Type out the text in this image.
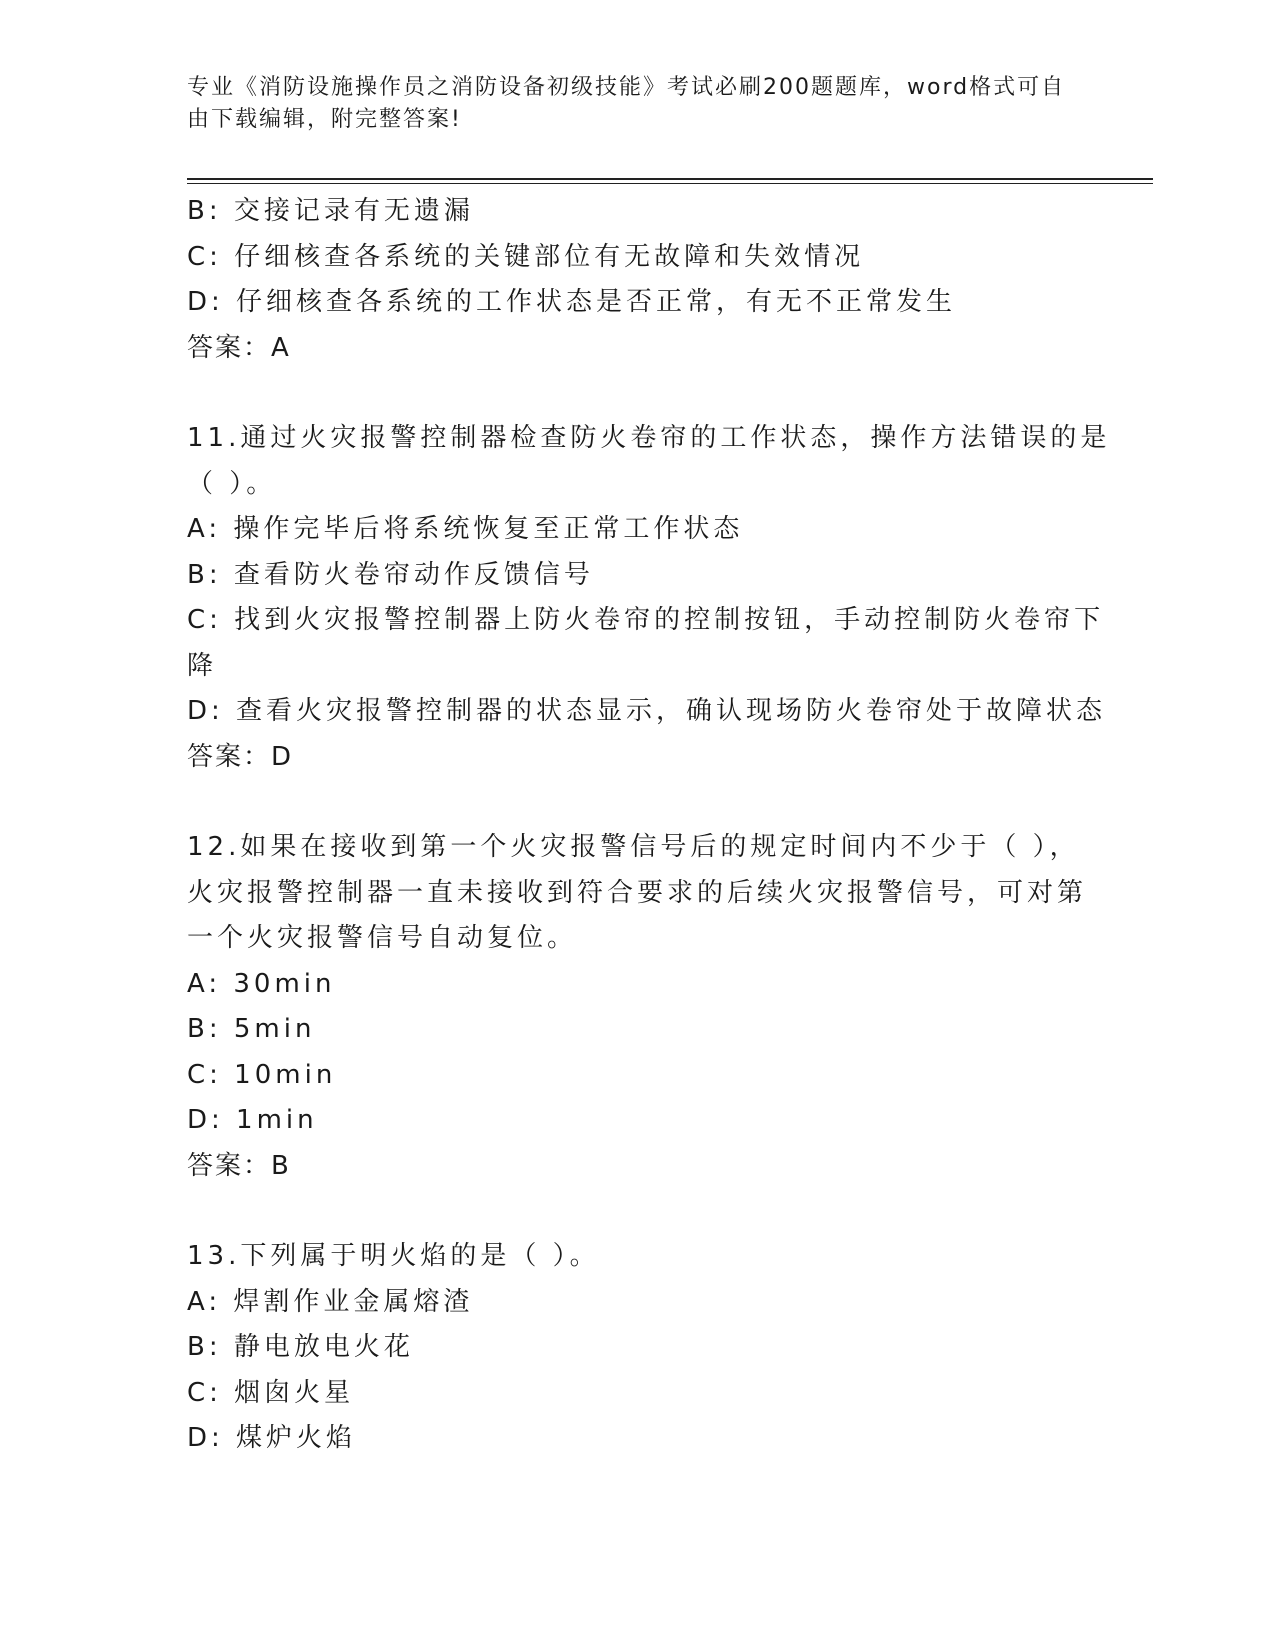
专业《消防设施操作员之消防设备初级技能》考试必刷200题题库，word格式可自由下载编辑，附完整答案!
B: 交接记录有无遗漏
C: 仔细核查各系统的关键部位有无故障和失效情况
D: 仔细核查各系统的工作状态是否正常，有无不正常发生
答案：A
11.通过火灾报警控制器检查防火卷帘的工作状态，操作方法错误的是
（ ）。
A: 操作完毕后将系统恢复至正常工作状态
B: 查看防火卷帘动作反馈信号
C: 找到火灾报警控制器上防火卷帘的控制按钮，手动控制防火卷帘下
降
D: 查看火灾报警控制器的状态显示，确认现场防火卷帘处于故障状态
答案：D
12.如果在接收到第一个火灾报警信号后的规定时间内不少于（ ），
火灾报警控制器一直未接收到符合要求的后续火灾报警信号，可对第
一个火灾报警信号自动复位。
A: 30min
B: 5min
C: 10min
D: 1min
答案：B
13.下列属于明火焰的是（ ）。
A: 焊割作业金属熔渣
B: 静电放电火花
C: 烟囱火星
D: 煤炉火焰
